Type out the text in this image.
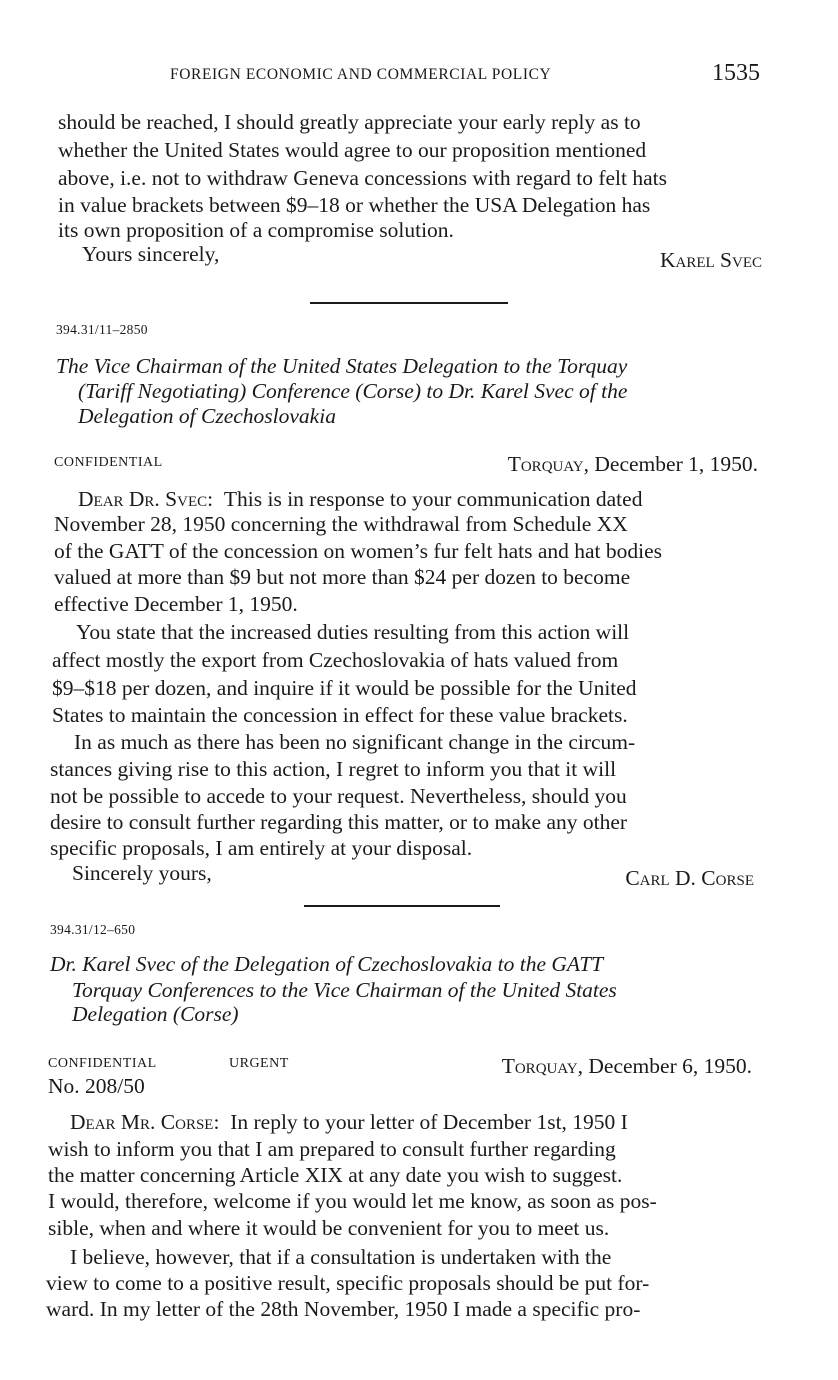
FOREIGN ECONOMIC AND COMMERCIAL POLICY	1535
should be reached, I should greatly appreciate your early reply as to
whether the United States would agree to our proposition mentioned
above, i.e. not to withdraw Geneva concessions with regard to felt hats
in value brackets between $9–18 or whether the USA Delegation has
its own proposition of a compromise solution.
Yours sincerely,	Karel Svec
394.31/11–2850
The Vice Chairman of the United States Delegation to the Torquay
(Tariff Negotiating) Conference (Corse) to Dr. Karel Svec of the
Delegation of Czechoslovakia
CONFIDENTIAL	Torquay, December 1, 1950.
Dear Dr. Svec: This is in response to your communication dated
November 28, 1950 concerning the withdrawal from Schedule XX
of the GATT of the concession on women’s fur felt hats and hat bodies
valued at more than $9 but not more than $24 per dozen to become
effective December 1, 1950.
You state that the increased duties resulting from this action will
affect mostly the export from Czechoslovakia of hats valued from
$9–$18 per dozen, and inquire if it would be possible for the United
States to maintain the concession in effect for these value brackets.
In as much as there has been no significant change in the circum-
stances giving rise to this action, I regret to inform you that it will
not be possible to accede to your request. Nevertheless, should you
desire to consult further regarding this matter, or to make any other
specific proposals, I am entirely at your disposal.
Sincerely yours,	Carl D. Corse
394.31/12–650
Dr. Karel Svec of the Delegation of Czechoslovakia to the GATT
Torquay Conferences to the Vice Chairman of the United States
Delegation (Corse)
CONFIDENTIAL	URGENT	Torquay, December 6, 1950.
No. 208/50
Dear Mr. Corse: In reply to your letter of December 1st, 1950 I
wish to inform you that I am prepared to consult further regarding
the matter concerning Article XIX at any date you wish to suggest.
I would, therefore, welcome if you would let me know, as soon as pos-
sible, when and where it would be convenient for you to meet us.
I believe, however, that if a consultation is undertaken with the
view to come to a positive result, specific proposals should be put for-
ward. In my letter of the 28th November, 1950 I made a specific pro-
